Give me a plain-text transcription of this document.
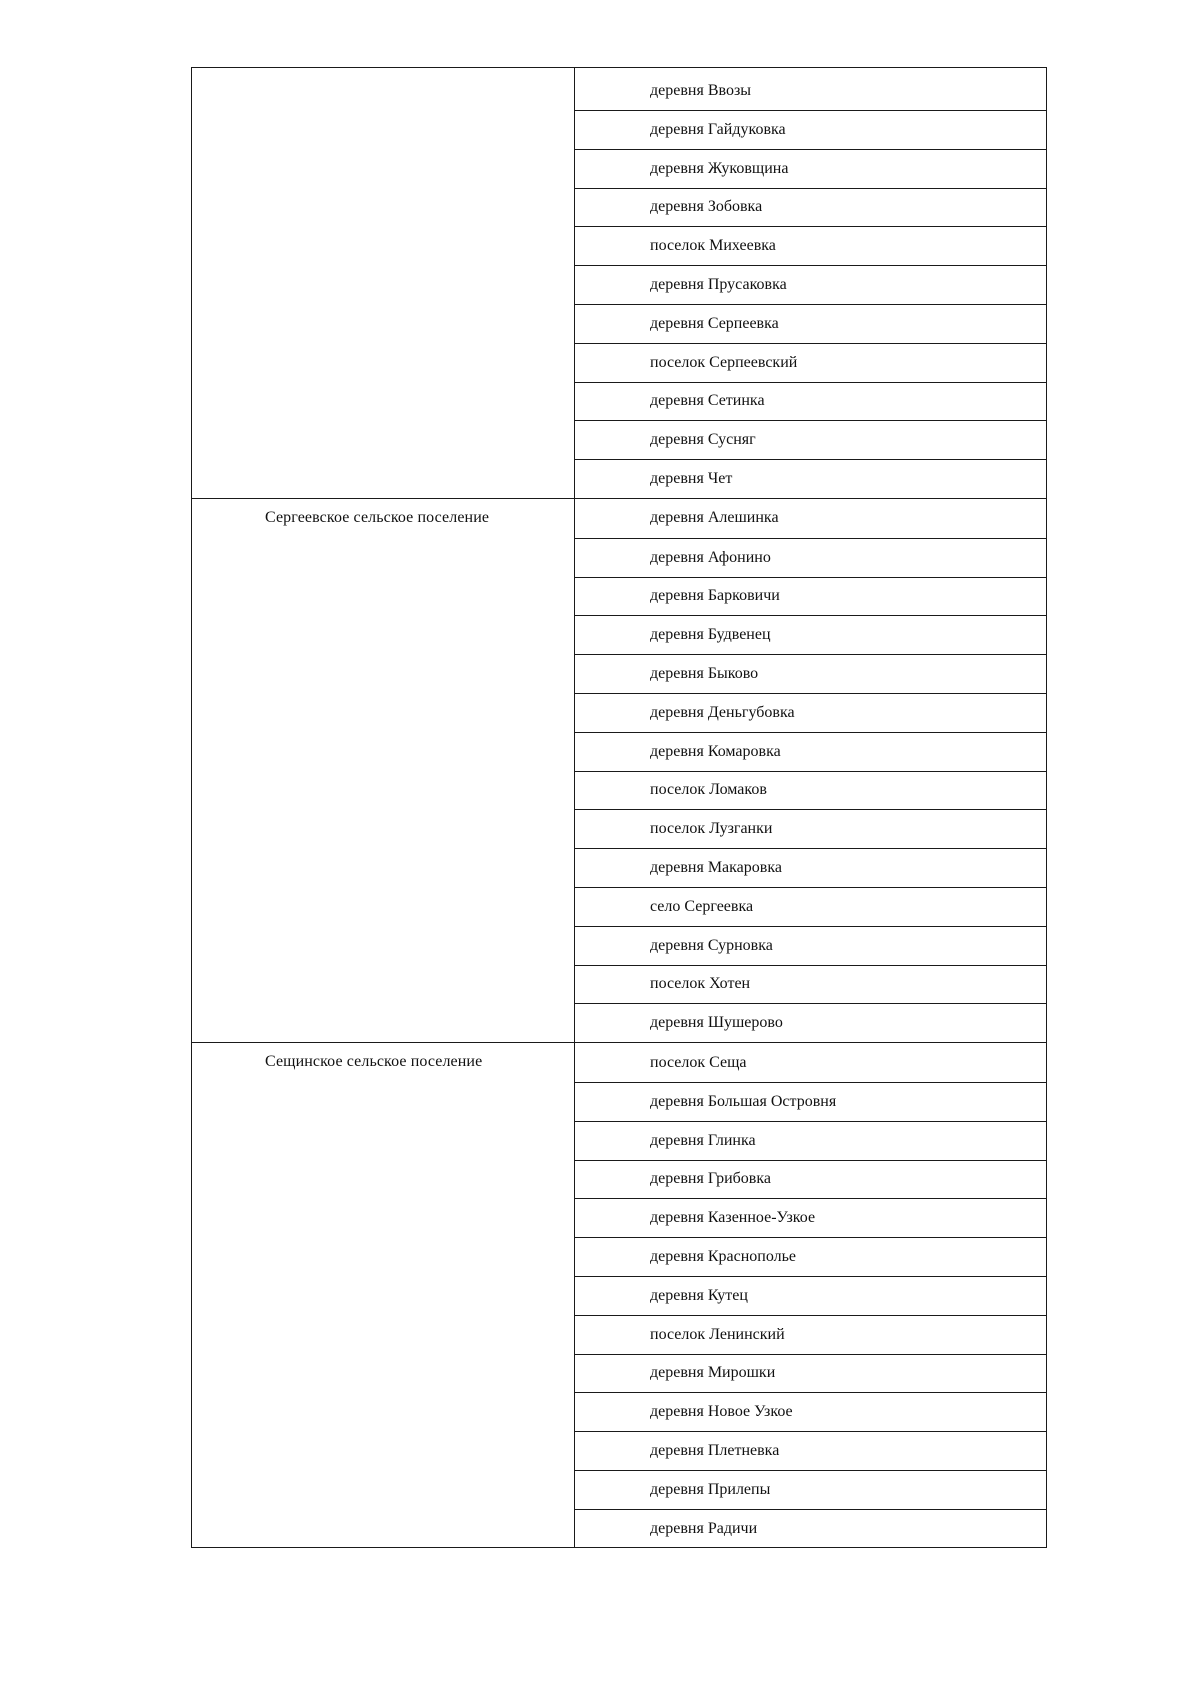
деревня Ввозы
деревня Гайдуковка
деревня Жуковщина
деревня Зобовка
поселок Михеевка
деревня Прусаковка
деревня Серпеевка
поселок Серпеевский
деревня Сетинка
деревня Сусняг
деревня Чет
Сергеевское сельское поселение	деревня Алешинка
деревня Афонино
деревня Барковичи
деревня Будвенец
деревня Быково
деревня Деньгубовка
деревня Комаровка
поселок Ломаков
поселок Лузганки
деревня Макаровка
село Сергеевка
деревня Сурновка
поселок Хотен
деревня Шушерово
Сещинское сельское поселение	поселок Сеща
деревня Большая Островня
деревня Глинка
деревня Грибовка
деревня Казенное-Узкое
деревня Краснополье
деревня Кутец
поселок Ленинский
деревня Мирошки
деревня Новое Узкое
деревня Плетневка
деревня Прилепы
деревня Радичи
